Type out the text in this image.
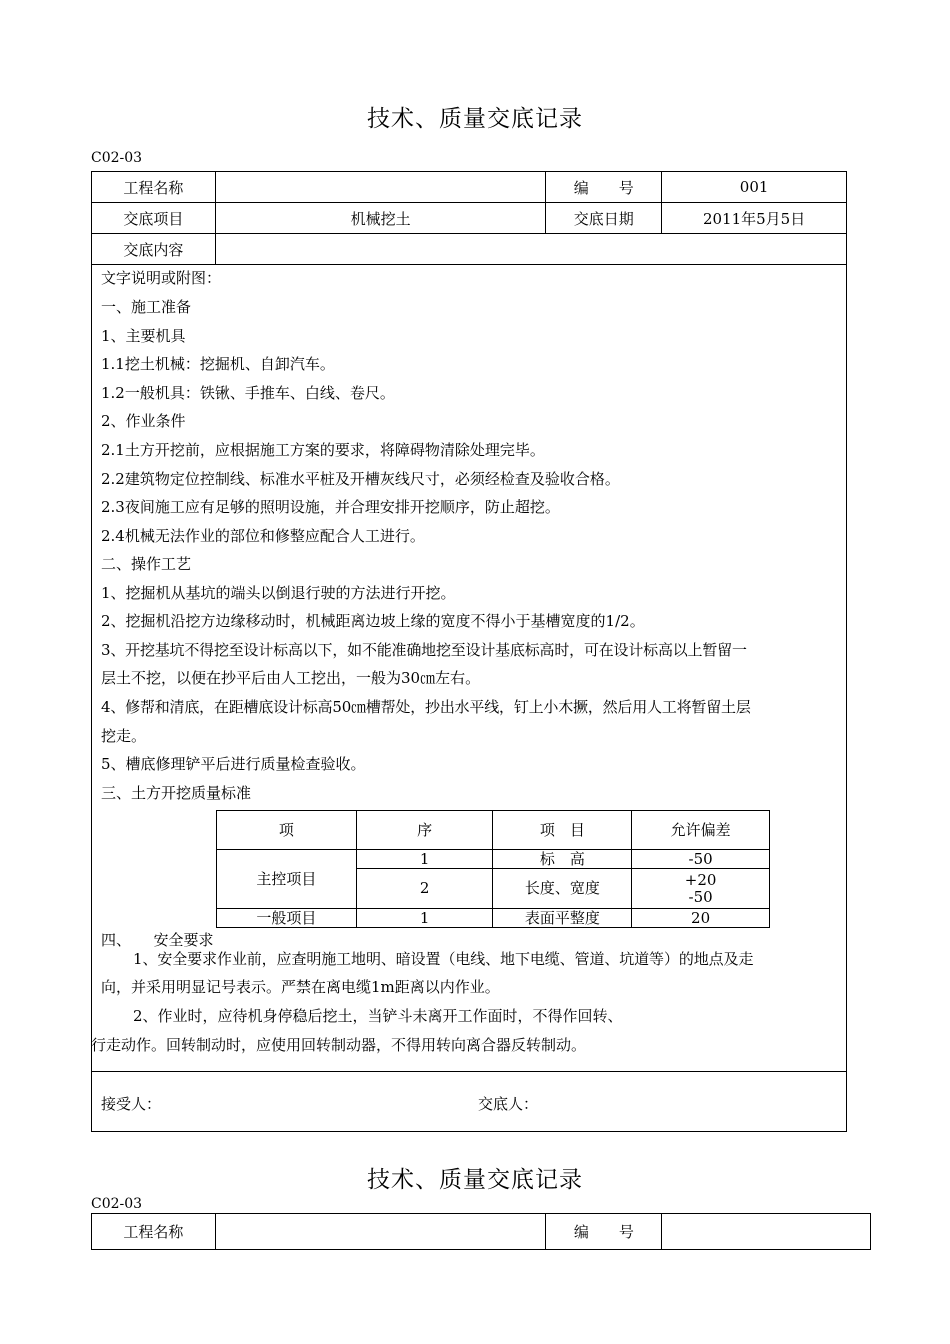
技术、质量交底记录
C02-03
工程名称		编　　号	001
交底项目	机械挖土	交底日期	2011年5月5日
交底内容			
文字说明或附图：
一、施工准备
1、主要机具
1.1挖土机械：挖掘机、自卸汽车。
1.2一般机具：铁锹、手推车、白线、卷尺。
2、作业条件
2.1土方开挖前，应根据施工方案的要求，将障碍物清除处理完毕。
2.2建筑物定位控制线、标准水平桩及开槽灰线尺寸，必须经检查及验收合格。
2.3夜间施工应有足够的照明设施，并合理安排开挖顺序，防止超挖。
2.4机械无法作业的部位和修整应配合人工进行。
二、操作工艺
1、挖掘机从基坑的端头以倒退行驶的方法进行开挖。
2、挖掘机沿挖方边缘移动时，机械距离边坡上缘的宽度不得小于基槽宽度的1/2。
3、开挖基坑不得挖至设计标高以下，如不能准确地挖至设计基底标高时，可在设计标高以上暂留一
层土不挖，以便在抄平后由人工挖出，一般为30㎝左右。
4、修帮和清底，在距槽底设计标高50㎝槽帮处，抄出水平线，钉上小木撅，然后用人工将暂留土层
挖走。
5、槽底修理铲平后进行质量检查验收。
三、土方开挖质量标准
项	序	项　目	允许偏差
主控项目	1	标　高	-50
	2	长度、宽度	+20
-50

一般项目	1	表面平整度	20
四、　　安全要求
1、安全要求作业前，应查明施工地明、暗设置（电线、地下电缆、管道、坑道等）的地点及走
向，并采用明显记号表示。严禁在离电缆1m距离以内作业。
2、作业时，应待机身停稳后挖土，当铲斗未离开工作面时，不得作回转、
行走动作。回转制动时，应使用回转制动器，不得用转向离合器反转制动。
接受人：	交底人：
技术、质量交底记录
C02-03
工程名称		编　　号	
